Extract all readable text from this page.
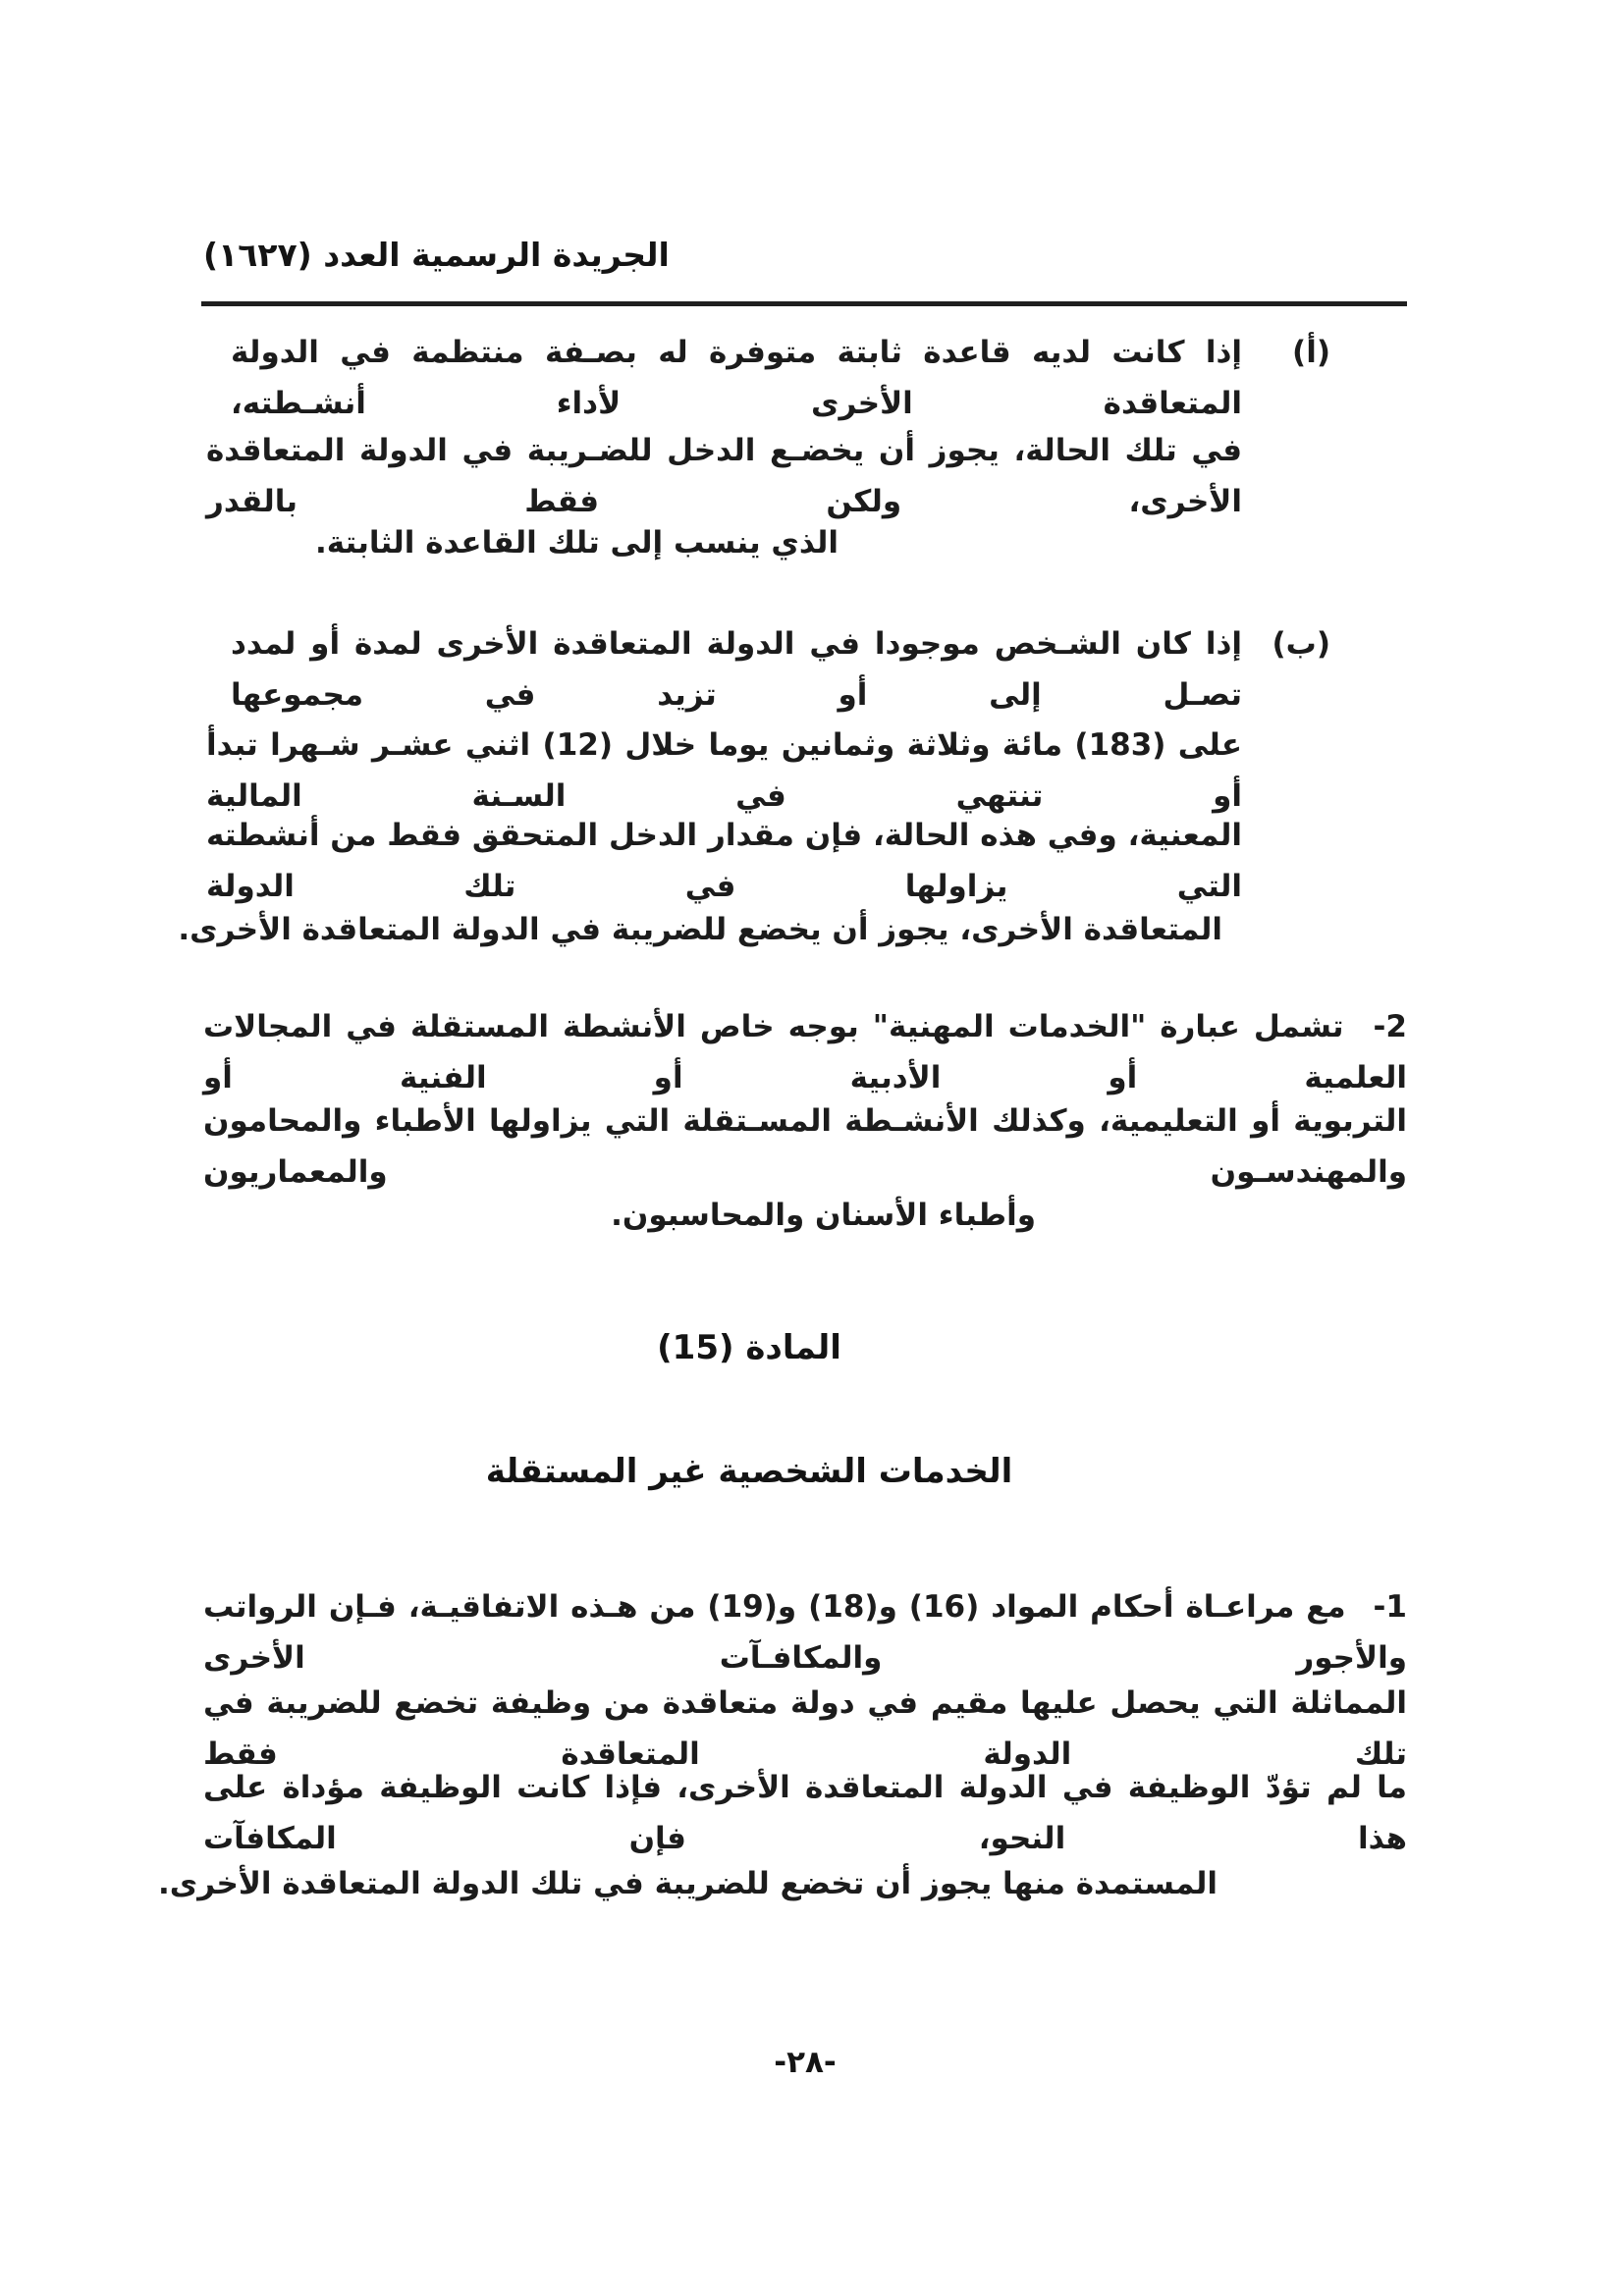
الجريدة الرسمية العدد (١٦٢٧)
(أ)
إذا كانت لديه قاعدة ثابتة متوفرة له بصـفة منتظمة في الدولة المتعاقدة الأخرى لأداء أنشـطته،
في تلك الحالة، يجوز أن يخضـع الدخل للضـريبة في الدولة المتعاقدة الأخرى، ولكن فقط بالقدر
الذي ينسب إلى تلك القاعدة الثابتة.
(ب)
إذا كان الشـخص موجودا في الدولة المتعاقدة الأخرى لمدة أو لمدد تصـل إلى أو تزيد في مجموعها
على (183) مائة وثلاثة وثمانين يوما خلال (12) اثني عشـر شـهرا تبدأ أو تنتهي في السـنة المالية
المعنية، وفي هذه الحالة، فإن مقدار الدخل المتحقق فقط من أنشطته التي يزاولها في تلك الدولة
المتعاقدة الأخرى، يجوز أن يخضع للضريبة في الدولة المتعاقدة الأخرى.
2- تشمل عبارة "الخدمات المهنية" بوجه خاص الأنشطة المستقلة في المجالات العلمية أو الأدبية أو الفنية أو
التربوية أو التعليمية، وكذلك الأنشـطة المسـتقلة التي يزاولها الأطباء والمحامون والمهندسـون والمعماريون
وأطباء الأسنان والمحاسبون.
المادة (15)
الخدمات الشخصية غير المستقلة
1- مع مراعـاة أحكام المواد (16) و(18) و(19) من هـذه الاتفاقيـة، فـإن الرواتب والأجور والمكافـآت الأخرى
المماثلة التي يحصل عليها مقيم في دولة متعاقدة من وظيفة تخضع للضريبة في تلك الدولة المتعاقدة فقط
ما لم تؤدّ الوظيفة في الدولة المتعاقدة الأخرى، فإذا كانت الوظيفة مؤداة على هذا النحو، فإن المكافآت
المستمدة منها يجوز أن تخضع للضريبة في تلك الدولة المتعاقدة الأخرى.
-٢٨-
